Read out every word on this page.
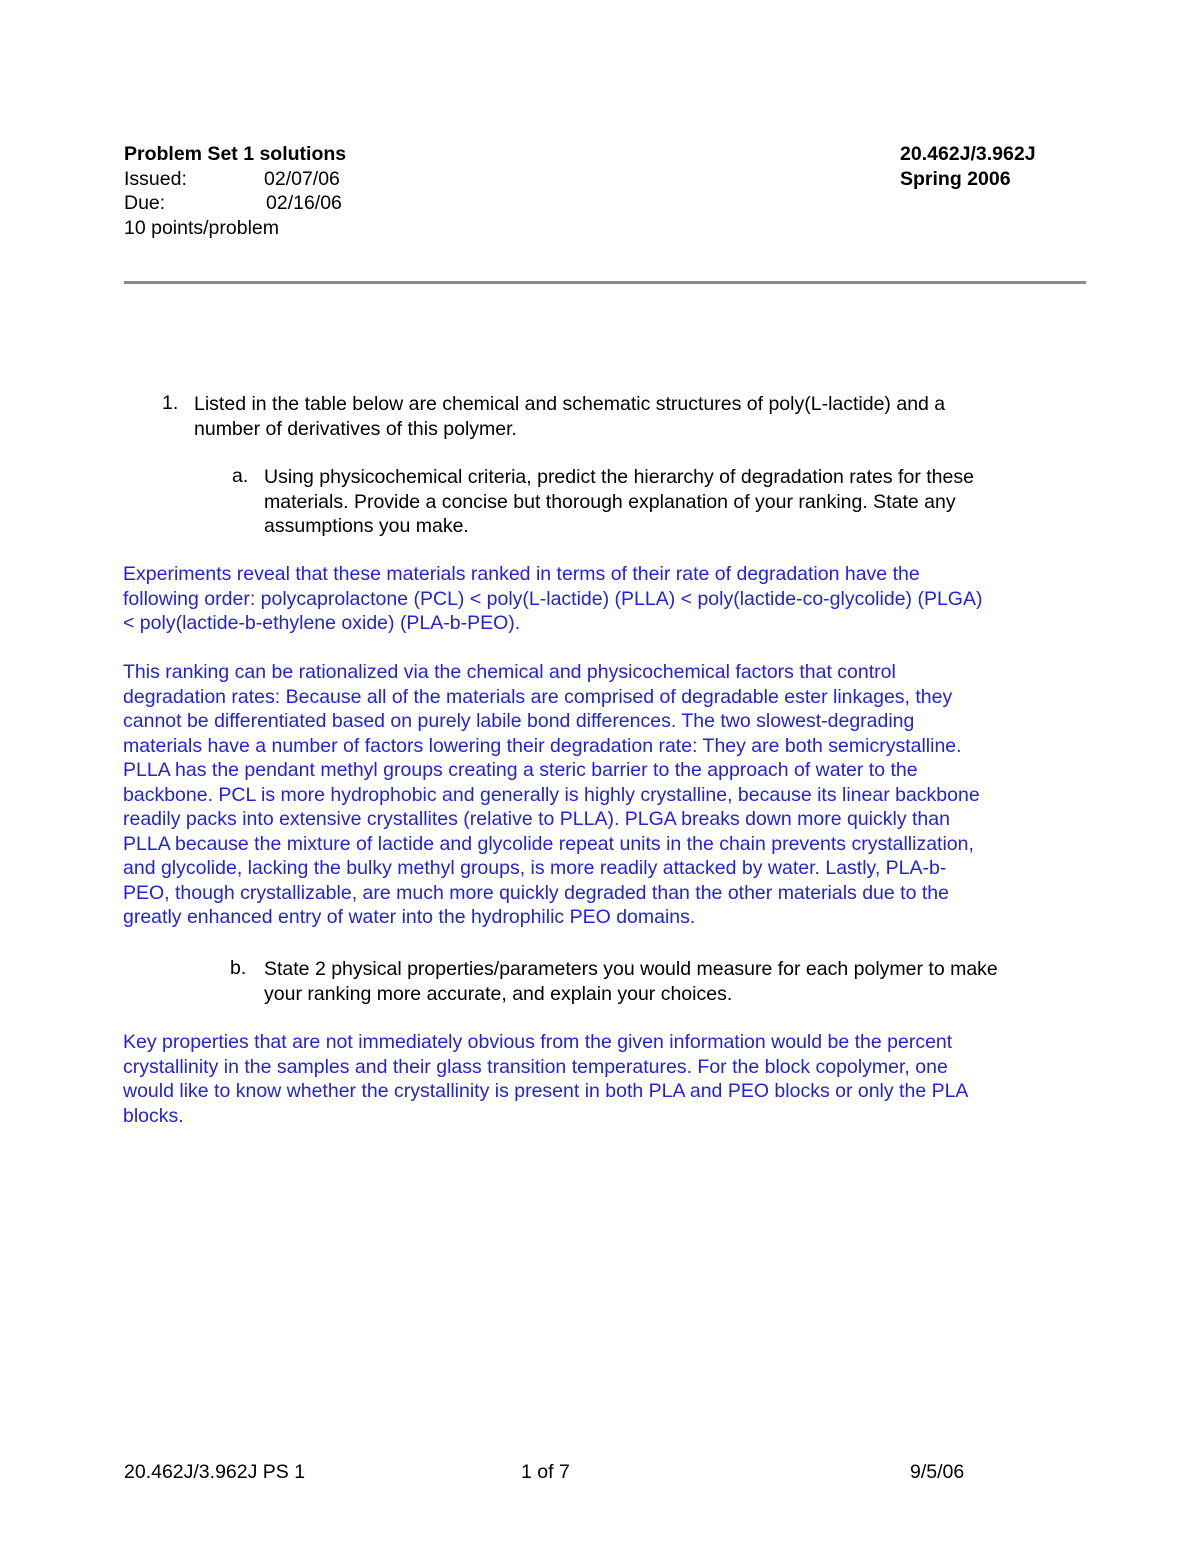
Problem Set 1 solutions	20.462J/3.962J
Issued:	02/07/06	Spring 2006
Due:	02/16/06
10 points/problem
1. Listed in the table below are chemical and schematic structures of poly(L-lactide) and a
number of derivatives of this polymer.
a. Using physicochemical criteria, predict the hierarchy of degradation rates for these
materials. Provide a concise but thorough explanation of your ranking. State any
assumptions you make.
Experiments reveal that these materials ranked in terms of their rate of degradation have the
following order: polycaprolactone (PCL) < poly(L-lactide) (PLLA) < poly(lactide-co-glycolide) (PLGA)
< poly(lactide-b-ethylene oxide) (PLA-b-PEO).
This ranking can be rationalized via the chemical and physicochemical factors that control
degradation rates: Because all of the materials are comprised of degradable ester linkages, they
cannot be differentiated based on purely labile bond differences. The two slowest-degrading
materials have a number of factors lowering their degradation rate: They are both semicrystalline.
PLLA has the pendant methyl groups creating a steric barrier to the approach of water to the
backbone. PCL is more hydrophobic and generally is highly crystalline, because its linear backbone
readily packs into extensive crystallites (relative to PLLA). PLGA breaks down more quickly than
PLLA because the mixture of lactide and glycolide repeat units in the chain prevents crystallization,
and glycolide, lacking the bulky methyl groups, is more readily attacked by water. Lastly, PLA-b-
PEO, though crystallizable, are much more quickly degraded than the other materials due to the
greatly enhanced entry of water into the hydrophilic PEO domains.
b. State 2 physical properties/parameters you would measure for each polymer to make
your ranking more accurate, and explain your choices.
Key properties that are not immediately obvious from the given information would be the percent
crystallinity in the samples and their glass transition temperatures. For the block copolymer, one
would like to know whether the crystallinity is present in both PLA and PEO blocks or only the PLA
blocks.
20.462J/3.962J PS 1	1 of 7	9/5/06
